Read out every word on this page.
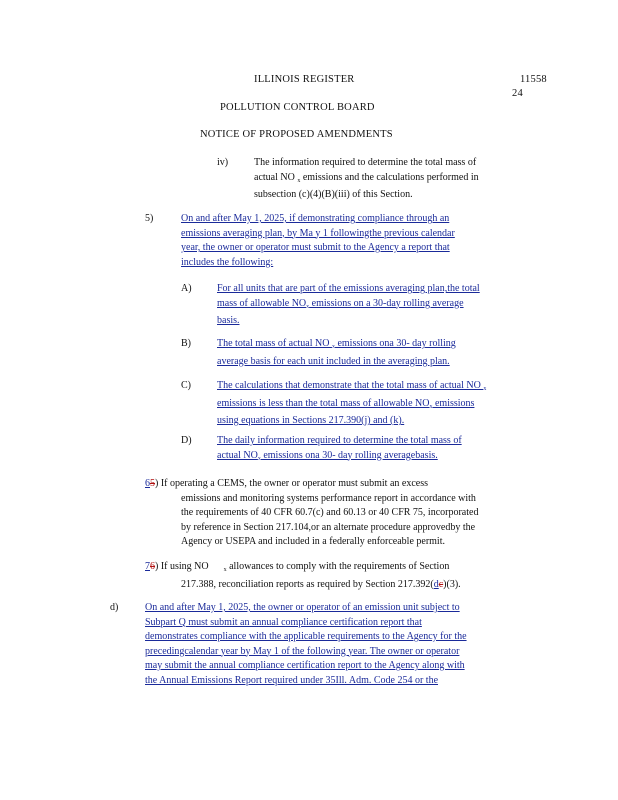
ILLINOIS REGISTER	11558
24
POLLUTION CONTROL BOARD
NOTICE OF PROPOSED AMENDMENTS
iv)	The information required to determine the total mass of
actual NO $_x$ emissions and the calculations performed in
subsection (c)(4)(B)(iii) of this Section.
5)	On and after May 1, 2025, if demonstrating compliance through an
emissions averaging plan, by Ma y 1 followingthe previous calendar
year, the owner or operator must submit to the Agency a report that
includes the following:
A)	For all units that are part of the emissions averaging plan,the total
mass of allowable $NO_x$ emissions on a 30-day rolling average
basis.
B)	The total mass of actual NO $_x$ emissions ona 30- day rolling
average basis for each unit included in the averaging plan.
C)	The calculations that demonstrate that the total mass of actual NO $_x$
emissions is less than the total mass of allowable $NO_x$ emissions
using equations in Sections 217.390(j) and (k).
D)	The daily information required to determine the total mass of
actual $NO_x$ emissions ona 30- day rolling averagebasis.
65) If operating a CEMS, the owner or operator must submit an excess
emissions and monitoring systems performance report in accordance with
the requirements of 40 CFR 60.7(c) and 60.13 or 40 CFR 75, incorporated
by reference in Section 217.104,or an alternate procedure approvedby the
Agency or USEPA and included in a federally enforceable permit.
76) If using NO	$_x$ allowances to comply with the requirements of Section
217.388, reconciliation reports as required by Section 217.392(dc)(3).
d)	On and after May 1, 2025, the owner or operator of an emission unit subject to
Subpart Q must submit an annual compliance certification report that
demonstrates compliance with the applicable requirements to the Agency for the
precedingcalendar year by May 1 of the following year. The owner or operator
may submit the annual compliance certification report to the Agency along with
the Annual Emissions Report required under 35Ill. Adm. Code 254 or the
